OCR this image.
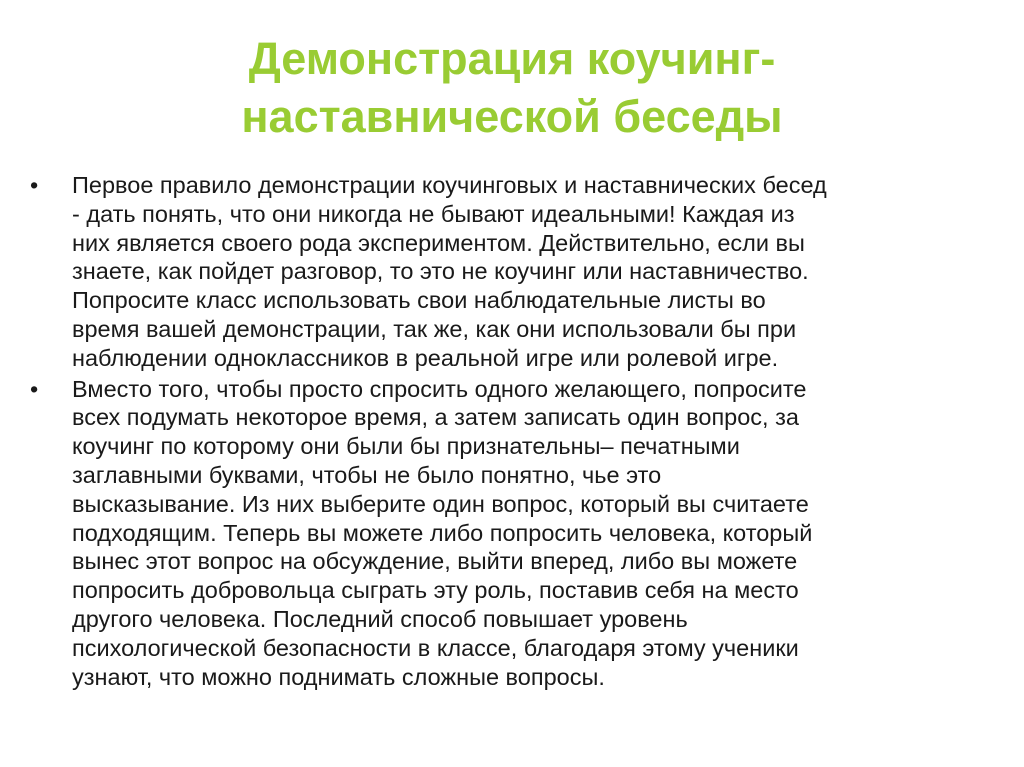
Демонстрация коучинг-
наставнической беседы
•	Первое правило демонстрации коучинговых и наставнических бесед
- дать понять, что они никогда не бывают идеальными! Каждая из
них является своего рода экспериментом. Действительно, если вы
знаете, как пойдет разговор, то это не коучинг или наставничество.
Попросите класс использовать свои наблюдательные листы во
время вашей демонстрации, так же, как они использовали бы при
наблюдении одноклассников в реальной игре или ролевой игре.
•	Вместо того, чтобы просто спросить одного желающего, попросите
всех подумать некоторое время, а затем записать один вопрос, за
коучинг по которому они были бы признательны– печатными
заглавными буквами, чтобы не было понятно, чье это
высказывание. Из них выберите один вопрос, который вы считаете
подходящим. Теперь вы можете либо попросить человека, который
вынес этот вопрос на обсуждение, выйти вперед, либо вы можете
попросить добровольца сыграть эту роль, поставив себя на место
другого человека. Последний способ повышает уровень
психологической безопасности в классе, благодаря этому ученики
узнают, что можно поднимать сложные вопросы.
